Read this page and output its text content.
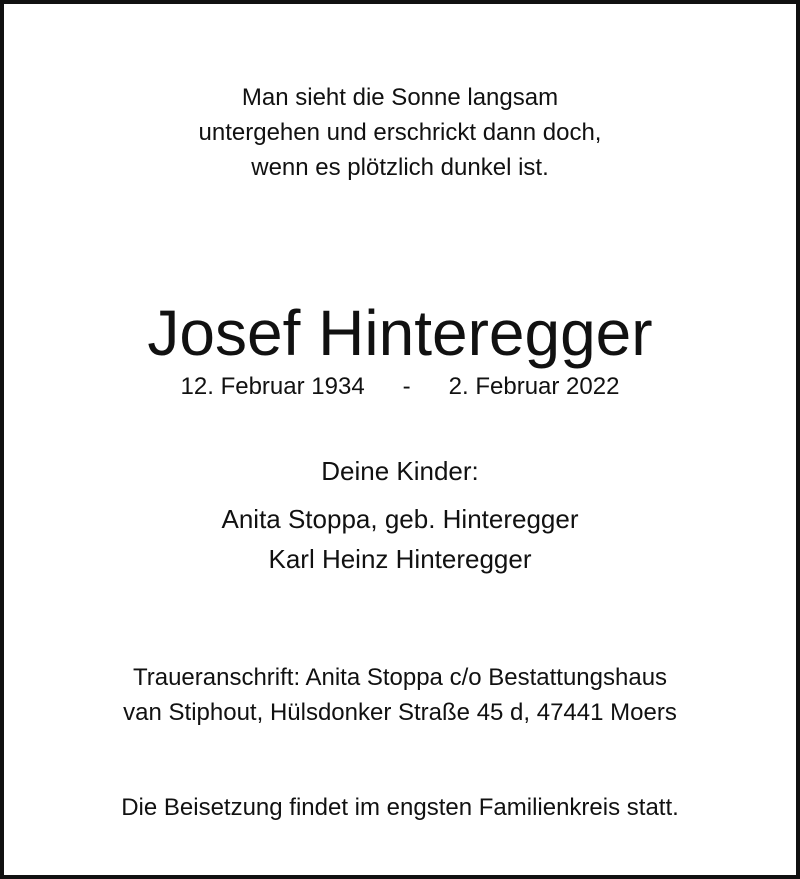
Man sieht die Sonne langsam
untergehen und erschrickt dann doch,
wenn es plötzlich dunkel ist.
Josef Hinteregger
12. Februar 1934 - 2. Februar 2022
Deine Kinder:
Anita Stoppa, geb. Hinteregger
Karl Heinz Hinteregger
Traueranschrift: Anita Stoppa c/o Bestattungshaus
van Stiphout, Hülsdonker Straße 45 d, 47441 Moers
Die Beisetzung findet im engsten Familienkreis statt.
